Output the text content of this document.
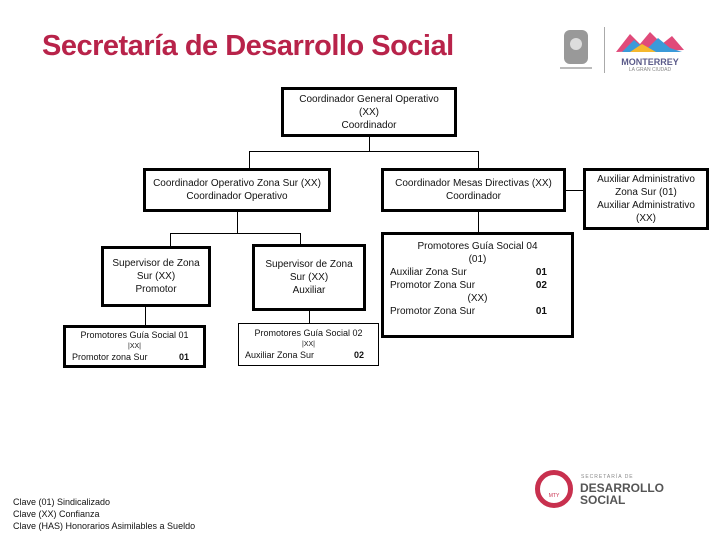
Secretaría de Desarrollo Social	MONTERREY
LA GRAN CIUDAD
Coordinador General Operativo
(XX)
Coordinador
Coordinador Operativo Zona Sur (XX)
Coordinador Operativo
Coordinador Mesas Directivas (XX)
Coordinador
Auxiliar Administrativo
Zona Sur (01)
Auxiliar Administrativo
(XX)
Supervisor de Zona
Sur (XX)
Promotor
Supervisor de Zona
Sur (XX)
Auxiliar
Promotores Guía Social 01
|XX|
Promotor zona Sur	01
Promotores Guía Social 02
|XX|
Auxiliar Zona Sur	02
Promotores Guía Social 04
(01)
Auxiliar Zona Sur	01
Promotor Zona Sur	02
(XX)
Promotor Zona Sur	01
Clave (01) Sindicalizado
Clave (XX) Confianza
Clave (HAS) Honorarios Asimilables a Sueldo
MTY
SECRETARÍA DE
DESARROLLO
SOCIAL
